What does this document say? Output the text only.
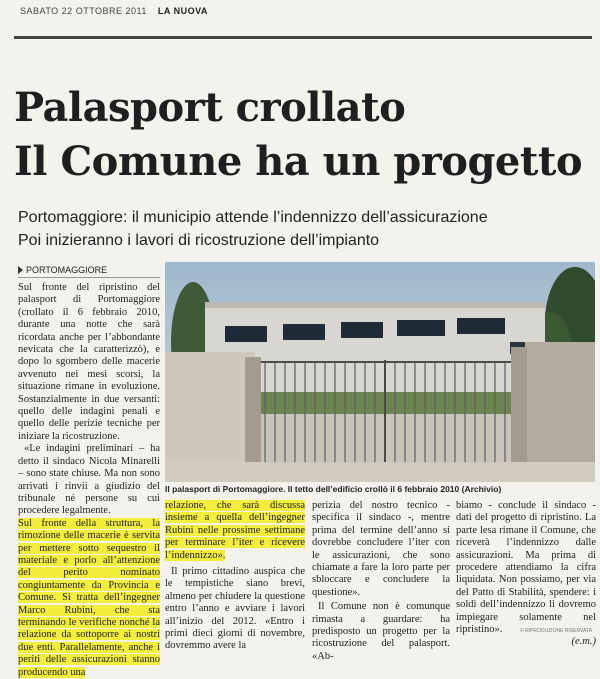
SABATO 22 OTTOBRE 2011 LA NUOVA
Palasport crollato
Il Comune ha un progetto
Portomaggiore: il municipio attende l’indennizzo dell’assicurazione
Poi inizieranno i lavori di ricostruzione dell’impianto
PORTOMAGGIORE

Sul fronte del ripristino del palasport di Portomaggiore (crollato il 6 febbraio 2010, durante una notte che sarà ricordata anche per l’abbondante nevicata che la caratterizzò), e dopo lo sgombero delle macerie avvenuto nei mesi scorsi, la situazione rimane in evoluzione. Sostanzialmente in due versanti: quello delle indagini penali e quello delle perizie tecniche per iniziare la ricostruzione.

«Le indagini preliminari – ha detto il sindaco Nicola Minarelli – sono state chiuse. Ma non sono arrivati i rinvii a giudizio del tribunale né persone su cui procedere legalmente.

Sul fronte della struttura, la rimozione delle macerie è servita per mettere sotto sequestro il materiale e porlo all’attenzione del perito nominato congiuntamente da Provincia e Comune. Si tratta dell’ingegner Marco Rubini, che sta terminando le verifiche nonché la relazione da sottoporre ai nostri due enti. Parallelamente, anche i periti delle assicurazioni stanno producendo una

Il palasport di Portomaggiore. Il tetto dell’edificio crollò il 6 febbraio 2010 (Archivio)

relazione, che sarà discussa insieme a quella dell’ingegner Rubini nelle prossime settimane per terminare l’iter e ricevere l’indennizzo».

Il primo cittadino auspica che le tempistiche siano brevi, almeno per chiudere la questione entro l’anno e avviare i lavori all’inizio del 2012. «Entro i primi dieci giorni di novembre, dovremmo avere la

perizia del nostro tecnico - specifica il sindaco -, mentre prima del termine dell’anno si dovrebbe concludere l’iter con le assicurazioni, che sono chiamate a fare la loro parte per sbloccare e concludere la questione».

Il Comune non è comunque rimasta a guardare: ha predisposto un progetto per la ricostruzione del palasport. «Ab-

biamo - conclude il sindaco - dati del progetto di ripristino. La parte lesa rimane il Comune, che riceverà l’indennizzo dalle assicurazioni. Ma prima di procedere attendiamo la cifra liquidata. Non possiamo, per via del Patto di Stabilità, spendere: i soldi dell’indennizzo li dovremo impiegare solamente nel ripristino».

(e.m.)

© RIPRODUZIONE RISERVATA
